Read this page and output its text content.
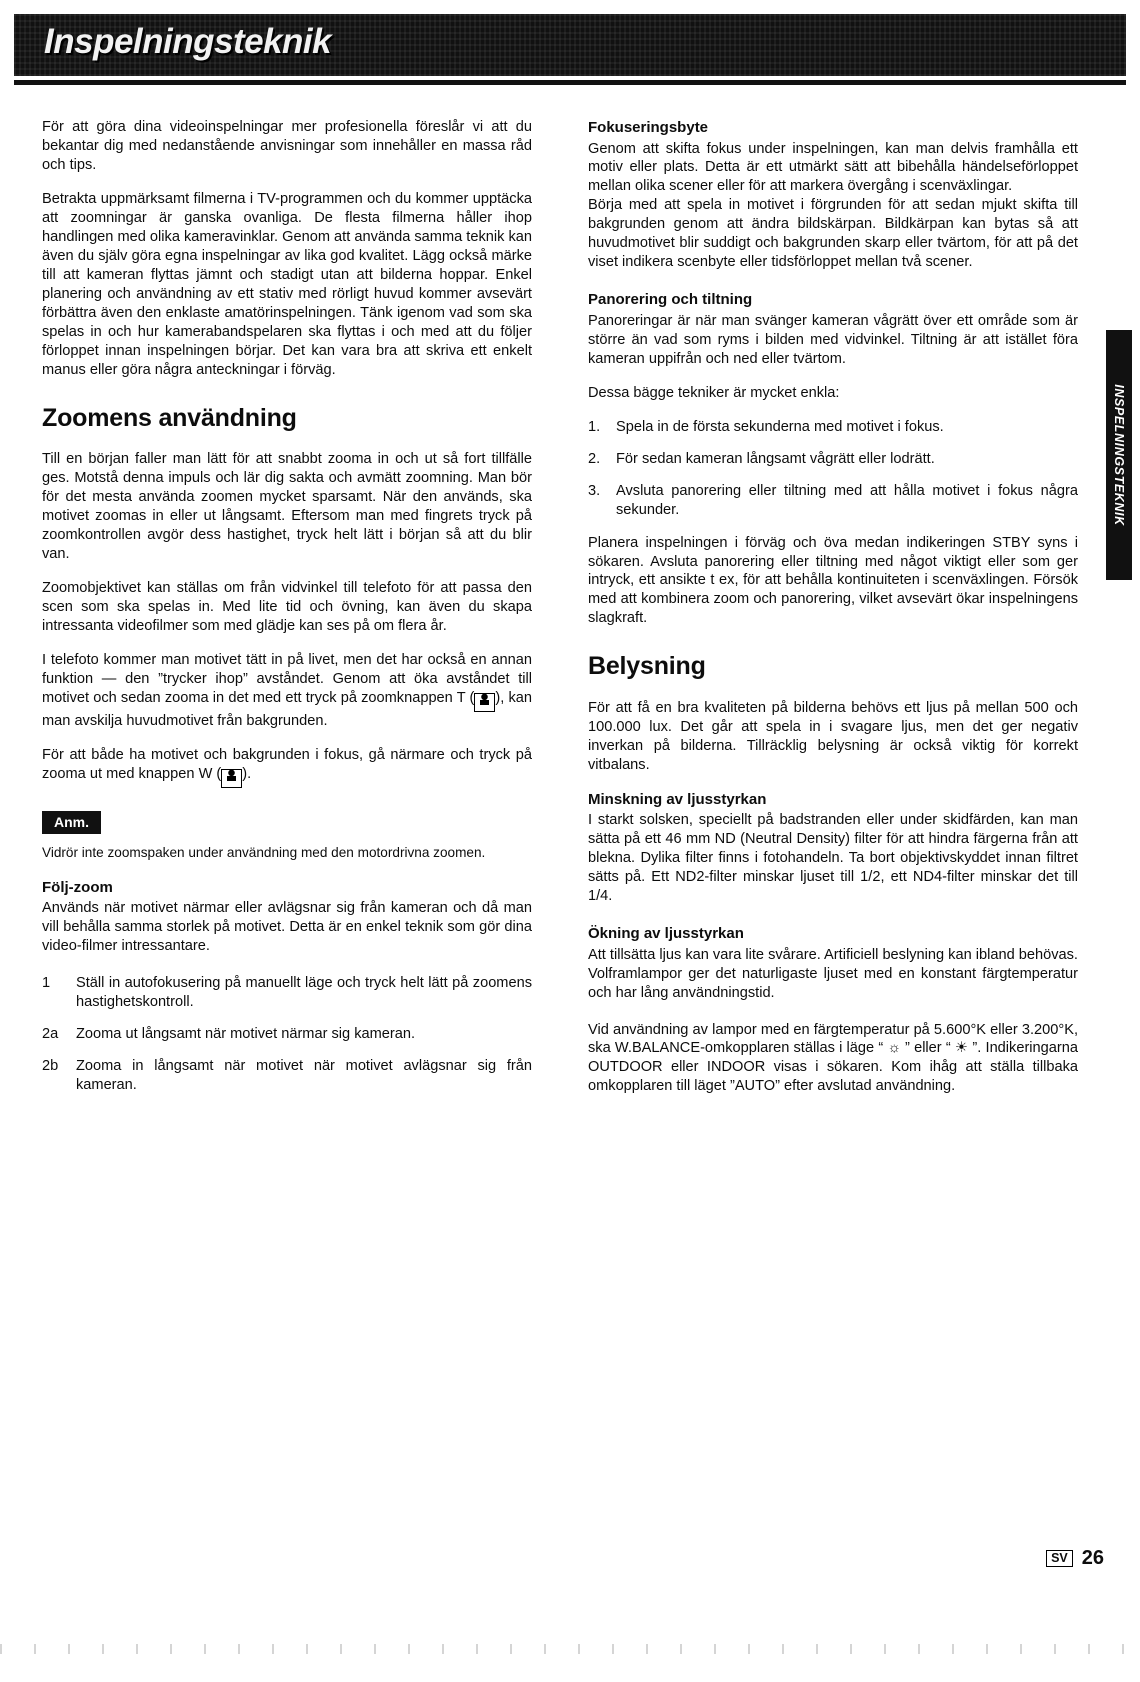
Inspelningsteknik
INSPELNINGSTEKNIK

För att göra dina videoinspelningar mer profesionella föreslår vi att du bekantar dig med nedanstående anvisningar som innehåller en massa råd och tips.

Betrakta uppmärksamt filmerna i TV-programmen och du kommer upptäcka att zoomningar är ganska ovanliga. De flesta filmerna håller ihop handlingen med olika kameravinklar. Genom att använda samma teknik kan även du själv göra egna inspelningar av lika god kvalitet. Lägg också märke till att kameran flyttas jämnt och stadigt utan att bilderna hoppar. Enkel planering och användning av ett stativ med rörligt huvud kommer avsevärt förbättra även den enklaste amatörinspelningen. Tänk igenom vad som ska spelas in och hur kamerabandspelaren ska flyttas i och med att du följer förloppet innan inspelningen börjar. Det kan vara bra att skriva ett enkelt manus eller göra några anteckningar i förväg.

Zoomens användning

Till en början faller man lätt för att snabbt zooma in och ut så fort tillfälle ges. Motstå denna impuls och lär dig sakta och avmätt zoomning. Man bör för det mesta använda zoomen mycket sparsamt. När den används, ska motivet zoomas in eller ut långsamt. Eftersom man med fingrets tryck på zoomkontrollen avgör dess hastighet, tryck helt lätt i början så att du blir van.

Zoomobjektivet kan ställas om från vidvinkel till telefoto för att passa den scen som ska spelas in. Med lite tid och övning, kan även du skapa intressanta videofilmer som med glädje kan ses på om flera år.

I telefoto kommer man motivet tätt in på livet, men det har också en annan funktion — den ”trycker ihop” avståndet. Genom att öka avståndet till motivet och sedan zooma in det med ett tryck på zoomknappen T ( ), kan man avskilja huvudmotivet från bakgrunden.

För att både ha motivet och bakgrunden i fokus, gå närmare och tryck på zooma ut med knappen W ( ).

Anm.
Vidrör inte zoomspaken under användning med den motordrivna zoomen.
Följ-zoom

Används när motivet närmar eller avlägsnar sig från kameran och då man vill behålla samma storlek på motivet. Detta är en enkel teknik som gör dina video-filmer intressantare.

1	Ställ in autofokusering på manuellt läge och tryck helt lätt på zoomens hastighetskontroll.
2a	Zooma ut långsamt när motivet närmar sig kameran.
2b	Zooma in långsamt när motivet när motivet avlägsnar sig från kameran.
Fokuseringsbyte

Genom att skifta fokus under inspelningen, kan man delvis framhålla ett motiv eller plats. Detta är ett utmärkt sätt att bibehålla händelseförloppet mellan olika scener eller för att markera övergång i scenväxlingar.

Börja med att spela in motivet i förgrunden för att sedan mjukt skifta till bakgrunden genom att ändra bildskärpan. Bildkärpan kan bytas så att huvudmotivet blir suddigt och bakgrunden skarp eller tvärtom, för att på det viset indikera scenbyte eller tidsförloppet mellan två scener.

Panorering och tiltning

Panoreringar är när man svänger kameran vågrätt över ett område som är större än vad som ryms i bilden med vidvinkel. Tiltning är att istället föra kameran uppifrån och ned eller tvärtom.

Dessa bägge tekniker är mycket enkla:

1.	Spela in de första sekunderna med motivet i fokus.
2.	För sedan kameran långsamt vågrätt eller lodrätt.
3.	Avsluta panorering eller tiltning med att hålla motivet i fokus några sekunder.

Planera inspelningen i förväg och öva medan indikeringen STBY syns i sökaren. Avsluta panorering eller tiltning med något viktigt eller som ger intryck, ett ansikte t ex, för att behålla kontinuiteten i scenväxlingen. Försök med att kombinera zoom och panorering, vilket avsevärt ökar inspelningens slagkraft.

Belysning

För att få en bra kvaliteten på bilderna behövs ett ljus på mellan 500 och 100.000 lux. Det går att spela in i svagare ljus, men det ger negativ inverkan på bilderna. Tillräcklig belysning är också viktig för korrekt vitbalans.

Minskning av ljusstyrkan

I starkt solsken, speciellt på badstranden eller under skidfärden, kan man sätta på ett 46 mm ND (Neutral Density) filter för att hindra färgerna från att blekna. Dylika filter finns i fotohandeln. Ta bort objektivskyddet innan filtret sätts på. Ett ND2-filter minskar ljuset till 1/2, ett ND4-filter minskar det till 1/4.

Ökning av ljusstyrkan

Att tillsätta ljus kan vara lite svårare. Artificiell beslyning kan ibland behövas. Volframlampor ger det naturligaste ljuset med en konstant färgtemperatur och har lång användningstid.

Vid användning av lampor med en färgtemperatur på 5.600°K eller 3.200°K, ska W.BALANCE-omkopplaren ställas i läge “ ☼ ” eller “ ☀ ”. Indikeringarna OUTDOOR eller INDOOR visas i sökaren. Kom ihåg att ställa tillbaka omkopplaren till läget ”AUTO” efter avslutad användning.

SV 26
